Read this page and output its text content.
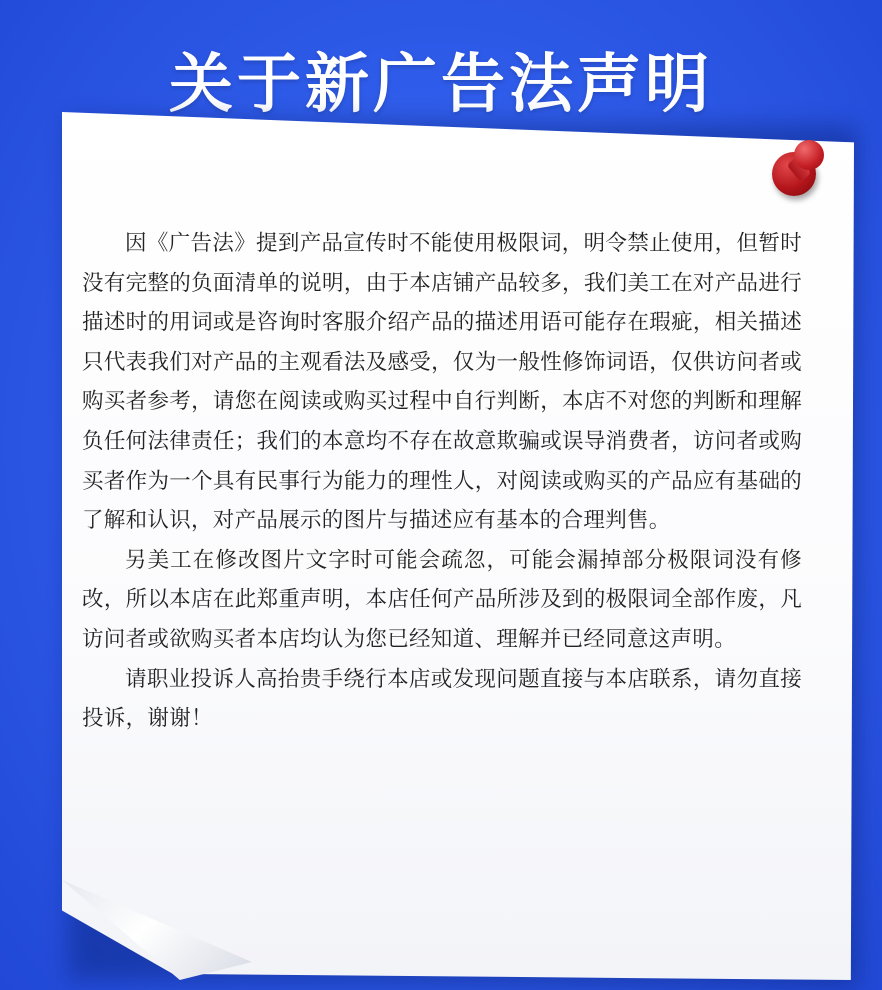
关于新广告法声明

因《广告法》提到产品宣传时不能使用极限词，明令禁止使用，但暂时没有完整的负面清单的说明，由于本店铺产品较多，我们美工在对产品进行描述时的用词或是咨询时客服介绍产品的描述用语可能存在瑕疵，相关描述只代表我们对产品的主观看法及感受，仅为一般性修饰词语，仅供访问者或购买者参考，请您在阅读或购买过程中自行判断，本店不对您的判断和理解负任何法律责任；我们的本意均不存在故意欺骗或误导消费者，访问者或购买者作为一个具有民事行为能力的理性人，对阅读或购买的产品应有基础的了解和认识，对产品展示的图片与描述应有基本的合理判售。

另美工在修改图片文字时可能会疏忽，可能会漏掉部分极限词没有修改，所以本店在此郑重声明，本店任何产品所涉及到的极限词全部作废，凡访问者或欲购买者本店均认为您已经知道、理解并已经同意这声明。

请职业投诉人高抬贵手绕行本店或发现问题直接与本店联系，请勿直接投诉，谢谢！
